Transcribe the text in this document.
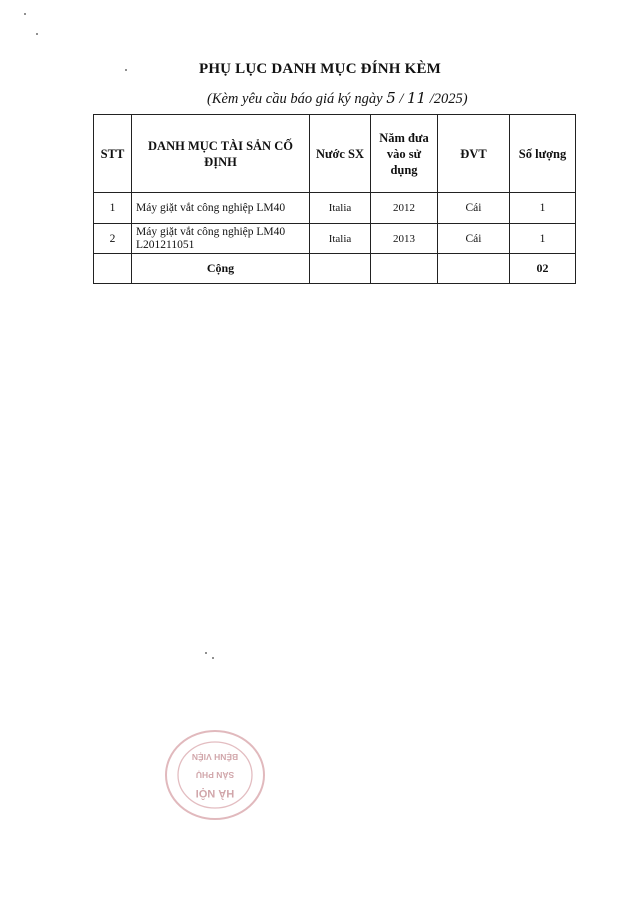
PHỤ LỤC DANH MỤC ĐÍNH KÈM
(Kèm yêu cầu báo giá ký ngày 5 / 11 /2025)
STT	DANH MỤC TÀI SẢN CỐ ĐỊNH	Nước SX	Năm đưa vào sử dụng	ĐVT	Số lượng
1	Máy giặt vắt công nghiệp LM40	Italia	2012	Cái	1
2	Máy giặt vắt công nghiệp LM40
L201211051	Italia	2013	Cái	1
	Cộng				02
BỆNH VIỆN
SẢN PHỤ
HÀ NỘI
